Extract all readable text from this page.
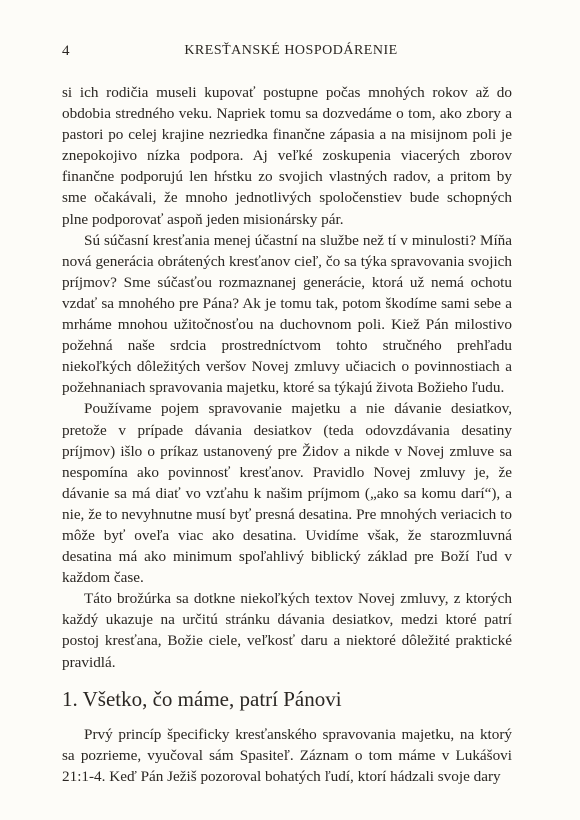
4	KRESŤANSKÉ HOSPODÁRENIE

si ich rodičia museli kupovať postupne počas mnohých rokov až do obdobia stredného veku. Napriek tomu sa dozvedáme o tom, ako zbory a pastori po celej krajine nezriedka finančne zápasia a na misijnom poli je znepokojivo nízka podpora. Aj veľké zoskupenia viacerých zborov finančne podporujú len hŕstku zo svojich vlastných radov, a pritom by sme očakávali, že mnoho jednotlivých spoločenstiev bude schopných plne podporovať aspoň jeden misionársky pár.

Sú súčasní kresťania menej účastní na službe než tí v minulosti? Míňa nová generácia obrátených kresťanov cieľ, čo sa týka spravovania svojich príjmov? Sme súčasťou rozmaznanej generácie, ktorá už nemá ochotu vzdať sa mnohého pre Pána? Ak je tomu tak, potom škodíme sami sebe a mrháme mnohou užitočnosťou na duchovnom poli. Kiež Pán milostivo požehná naše srdcia prostredníctvom tohto stručného prehľadu niekoľkých dôležitých veršov Novej zmluvy učiacich o povinnostiach a požehnaniach spravovania majetku, ktoré sa týkajú života Božieho ľudu.

Používame pojem spravovanie majetku a nie dávanie desiatkov, pretože v prípade dávania desiatkov (teda odovzdávania desatiny príjmov) išlo o príkaz ustanovený pre Židov a nikde v Novej zmluve sa nespomína ako povinnosť kresťanov. Pravidlo Novej zmluvy je, že dávanie sa má diať vo vzťahu k našim príjmom („ako sa komu darí“), a nie, že to nevyhnutne musí byť presná desatina. Pre mnohých veriacich to môže byť oveľa viac ako desatina. Uvidíme však, že starozmluvná desatina má ako minimum spoľahlivý biblický základ pre Boží ľud v každom čase.

Táto brožúrka sa dotkne niekoľkých textov Novej zmluvy, z ktorých každý ukazuje na určitú stránku dávania desiatkov, medzi ktoré patrí postoj kresťana, Božie ciele, veľkosť daru a niektoré dôležité praktické pravidlá.

1. Všetko, čo máme, patrí Pánovi

Prvý princíp špecificky kresťanského spravovania majetku, na ktorý sa pozrieme, vyučoval sám Spasiteľ. Záznam o tom máme v Lukášovi 21:1-4. Keď Pán Ježiš pozoroval bohatých ľudí, ktorí hádzali svoje dary
